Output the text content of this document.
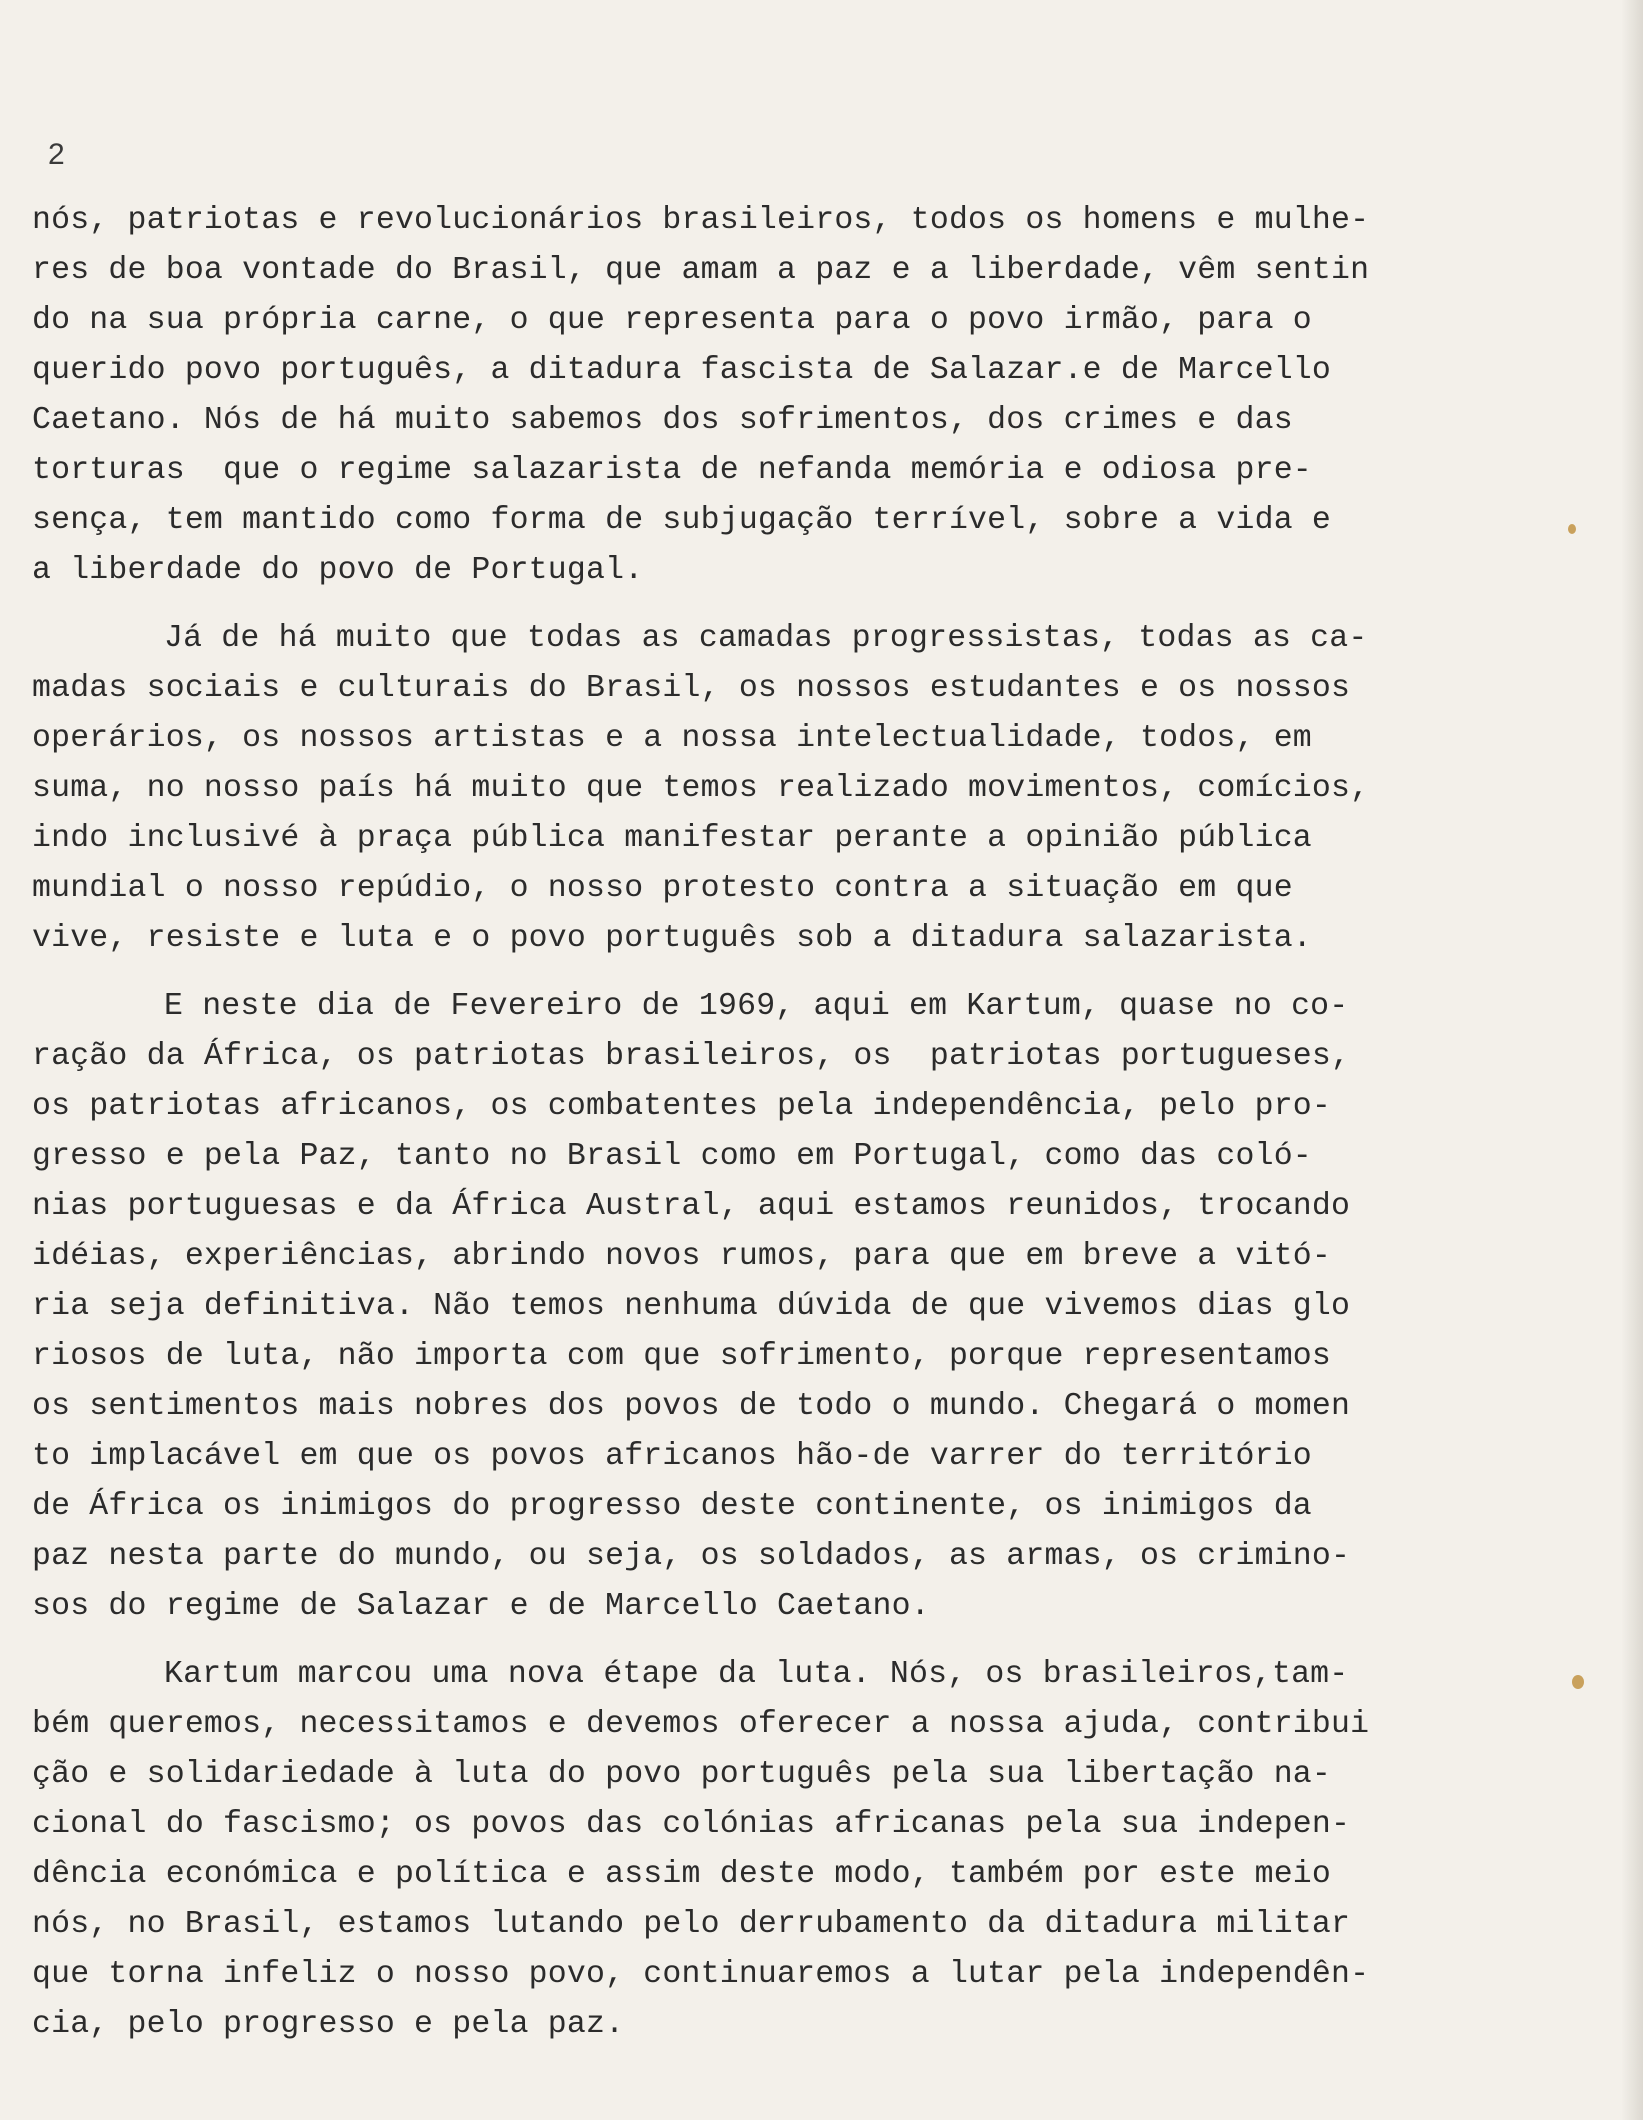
2

nós, patriotas e revolucionários brasileiros, todos os homens e mulhe-
res de boa vontade do Brasil, que amam a paz e a liberdade, vêm sentin
do na sua própria carne, o que representa para o povo irmão, para o
querido povo português, a ditadura fascista de Salazar.e de Marcello
Caetano. Nós de há muito sabemos dos sofrimentos, dos crimes e das
torturas  que o regime salazarista de nefanda memória e odiosa pre-
sença, tem mantido como forma de subjugação terrível, sobre a vida e
a liberdade do povo de Portugal.

Já de há muito que todas as camadas progressistas, todas as ca-
madas sociais e culturais do Brasil, os nossos estudantes e os nossos
operários, os nossos artistas e a nossa intelectualidade, todos, em
suma, no nosso país há muito que temos realizado movimentos, comícios,
indo inclusivé à praça pública manifestar perante a opinião pública
mundial o nosso repúdio, o nosso protesto contra a situação em que
vive, resiste e luta e o povo português sob a ditadura salazarista.

E neste dia de Fevereiro de 1969, aqui em Kartum, quase no co-
ração da África, os patriotas brasileiros, os  patriotas portugueses,
os patriotas africanos, os combatentes pela independência, pelo pro-
gresso e pela Paz, tanto no Brasil como em Portugal, como das coló-
nias portuguesas e da África Austral, aqui estamos reunidos, trocando
idéias, experiências, abrindo novos rumos, para que em breve a vitó-
ria seja definitiva. Não temos nenhuma dúvida de que vivemos dias glo
riosos de luta, não importa com que sofrimento, porque representamos
os sentimentos mais nobres dos povos de todo o mundo. Chegará o momen
to implacável em que os povos africanos hão-de varrer do território
de África os inimigos do progresso deste continente, os inimigos da
paz nesta parte do mundo, ou seja, os soldados, as armas, os crimino-
sos do regime de Salazar e de Marcello Caetano.

Kartum marcou uma nova étape da luta. Nós, os brasileiros,tam-
bém queremos, necessitamos e devemos oferecer a nossa ajuda, contribui
ção e solidariedade à luta do povo português pela sua libertação na-
cional do fascismo; os povos das colónias africanas pela sua indepen-
dência económica e política e assim deste modo, também por este meio
nós, no Brasil, estamos lutando pelo derrubamento da ditadura militar
que torna infeliz o nosso povo, continuaremos a lutar pela independên-
cia, pelo progresso e pela paz.
